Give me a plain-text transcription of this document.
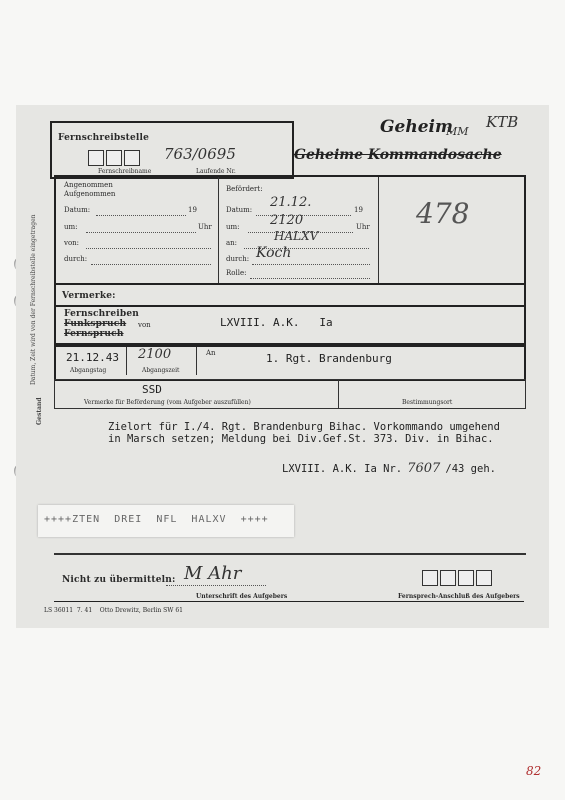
Datum, Zeit wird von der Fernschreibstelle eingetragen
Gestand
Fernschreibstelle
763/0695
Fernschreibname	Laufende Nr.
Geheim
MM
KTB
Geheime Kommandosache
Angenommen
Aufgenommen
Datum:	19
um:	Uhr
von:
durch:
Befördert:
Datum: 21.12.	19
um: 2120	Uhr
an:	HALXV
durch: Koch
Rolle:
478
Vermerke:
Fernschreiben
Funkspruch
Fernspruch
von	LXVIII. A.K.   Ia
21.12.43
Abgangstag
2100
Abgangszeit
An	1. Rgt. Brandenburg
SSD
Vermerke für Beförderung (vom Aufgeber auszufüllen)	Bestimmungsort
Zielort für I./4. Rgt. Brandenburg Bihac. Vorkommando umgehend
in Marsch setzen; Meldung bei Div.Gef.St. 373. Div. in Bihac.
LXVIII. A.K. Ia Nr. 7607 /43 geh.
++++ZTEN  DREI  NFL  HALXV  ++++
Nicht zu übermitteln: M Ahr
Unterschrift des Aufgebers	Fernsprech-Anschluß des Aufgebers
LS 36011  7. 41    Otto Drewitz, Berlin SW 61
82
